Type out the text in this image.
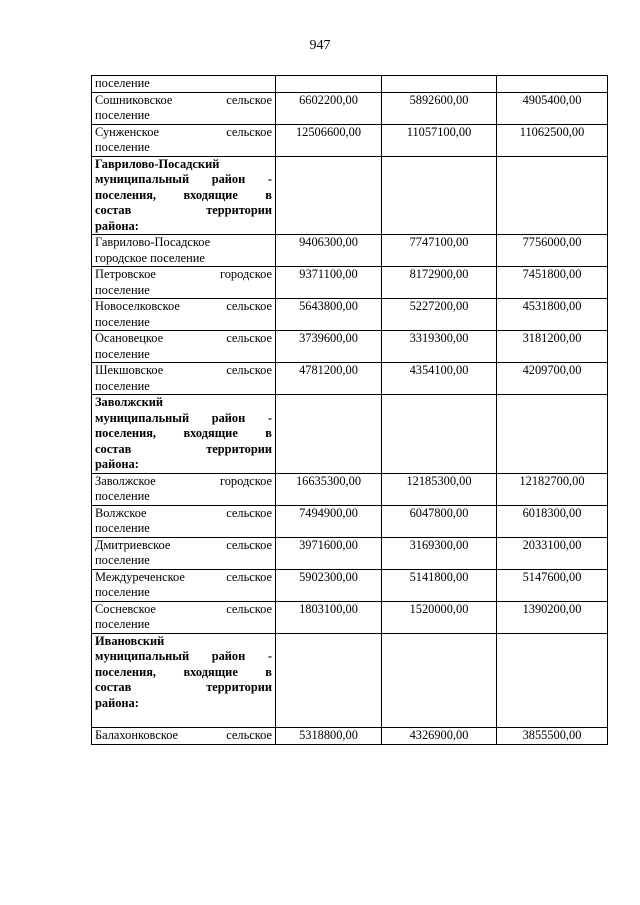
947
поселение			

Сошниковское сельское
поселение	6602200,00	5892600,00	4905400,00

Сунженское сельское
поселение	12506600,00	11057100,00	11062500,00

Гаврилово-Посадский
муниципальный район -
поселения, входящие в
состав территории
района:			

Гаврилово-Посадское
городское поселение	9406300,00	7747100,00	7756000,00

Петровское городское
поселение	9371100,00	8172900,00	7451800,00

Новоселковское сельское
поселение	5643800,00	5227200,00	4531800,00

Осановецкое сельское
поселение	3739600,00	3319300,00	3181200,00

Шекшовское сельское
поселение	4781200,00	4354100,00	4209700,00

Заволжский
муниципальный район -
поселения, входящие в
состав территории
района:			

Заволжское городское
поселение	16635300,00	12185300,00	12182700,00

Волжское сельское
поселение	7494900,00	6047800,00	6018300,00

Дмитриевское сельское
поселение	3971600,00	3169300,00	2033100,00

Междуреченское сельское
поселение	5902300,00	5141800,00	5147600,00

Сосневское сельское
поселение	1803100,00	1520000,00	1390200,00

Ивановский
муниципальный район -
поселения, входящие в
состав территории
района:			

Балахонковское сельское	5318800,00	4326900,00	3855500,00
